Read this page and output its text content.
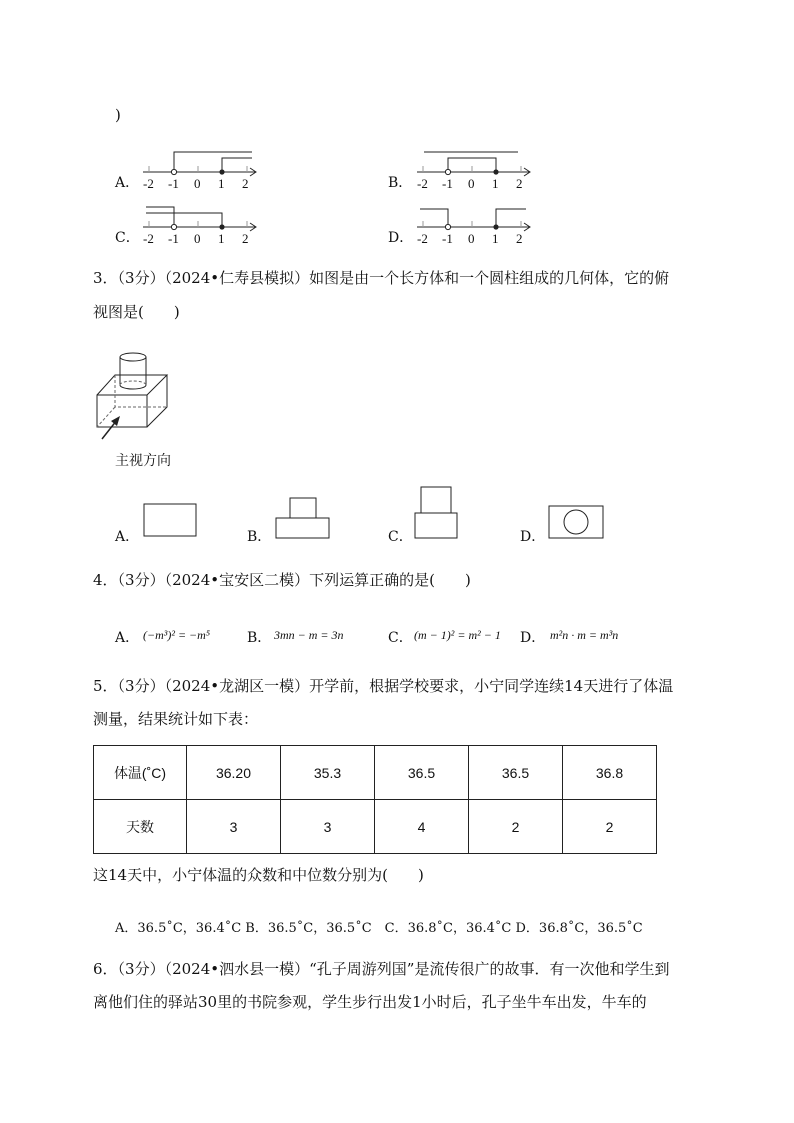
)
A． -2 -1 0 1 2	B． -2 -1 0 1 2
C． -2 -1 0 1 2	D． -2 -1 0 1 2
3．（3分）（2024•仁寿县模拟）如图是由一个长方体和一个圆柱组成的几何体，它的俯
视图是(　　)
主视方向
A．	B．	C．	D．
4．（3分）（2024•宝安区二模）下列运算正确的是(　　)
A． (−m³)² = −m⁵	B． 3mn − m = 3n	C． (m − 1)² = m² − 1 D． m²n · m = m³n
5．（3分）（2024•龙湖区一模）开学前，根据学校要求，小宁同学连续14天进行了体温
测量，结果统计如下表：
体温(˚C)	36.20	35.3	36.5	36.5	36.8
天数	3	3	4	2	2
这14天中，小宁体温的众数和中位数分别为(　　)
A．36.5˚C，36.4˚C B．36.5˚C，36.5˚C　C．36.8˚C，36.4˚C D．36.8˚C，36.5˚C
6．（3分）（2024•泗水县一模）“孔子周游列国”是流传很广的故事．有一次他和学生到
离他们住的驿站30里的书院参观，学生步行出发1小时后，孔子坐牛车出发，牛车的
